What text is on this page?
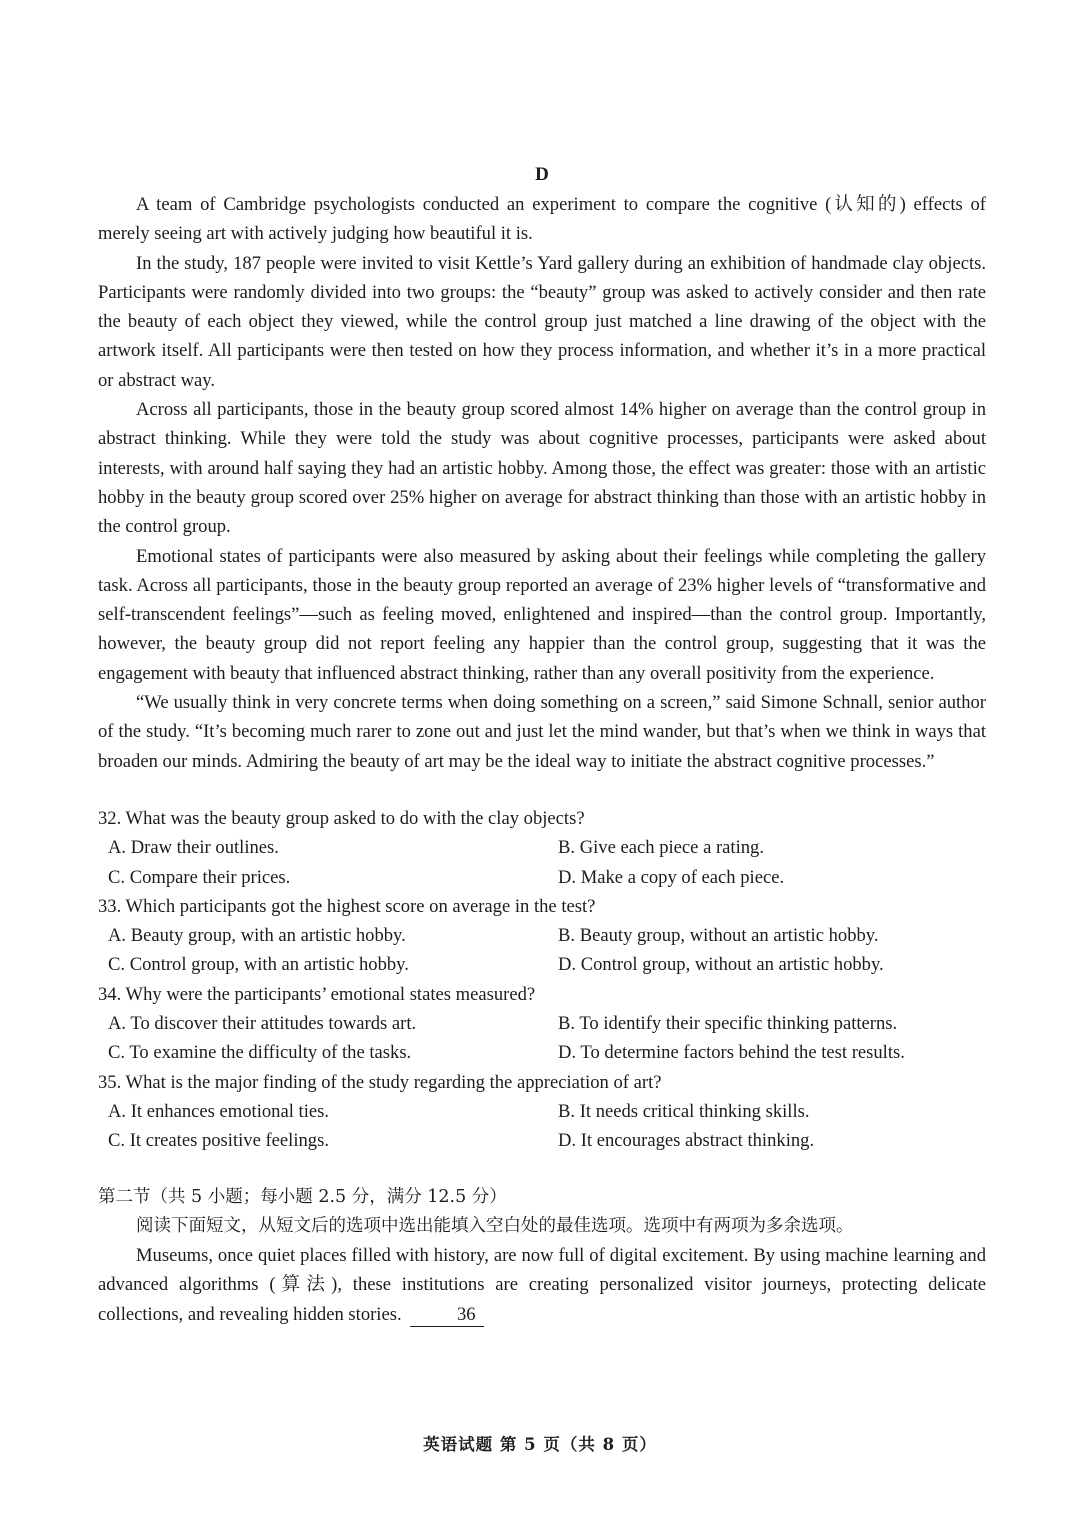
D

A team of Cambridge psychologists conducted an experiment to compare the cognitive (认知的) effects of merely seeing art with actively judging how beautiful it is.

In the study, 187 people were invited to visit Kettle’s Yard gallery during an exhibition of handmade clay objects. Participants were randomly divided into two groups: the “beauty” group was asked to actively consider and then rate the beauty of each object they viewed, while the control group just matched a line drawing of the object with the artwork itself. All participants were then tested on how they process information, and whether it’s in a more practical or abstract way.

Across all participants, those in the beauty group scored almost 14% higher on average than the control group in abstract thinking. While they were told the study was about cognitive processes, participants were asked about interests, with around half saying they had an artistic hobby. Among those, the effect was greater: those with an artistic hobby in the beauty group scored over 25% higher on average for abstract thinking than those with an artistic hobby in the control group.

Emotional states of participants were also measured by asking about their feelings while completing the gallery task. Across all participants, those in the beauty group reported an average of 23% higher levels of “transformative and self-transcendent feelings”—such as feeling moved, enlightened and inspired—than the control group. Importantly, however, the beauty group did not report feeling any happier than the control group, suggesting that it was the engagement with beauty that influenced abstract thinking, rather than any overall positivity from the experience.

“We usually think in very concrete terms when doing something on a screen,” said Simone Schnall, senior author of the study. “It’s becoming much rarer to zone out and just let the mind wander, but that’s when we think in ways that broaden our minds. Admiring the beauty of art may be the ideal way to initiate the abstract cognitive processes.”

32. What was the beauty group asked to do with the clay objects?

A. Draw their outlines.	B. Give each piece a rating.
C. Compare their prices.	D. Make a copy of each piece.

33. Which participants got the highest score on average in the test?

A. Beauty group, with an artistic hobby.	B. Beauty group, without an artistic hobby.
C. Control group, with an artistic hobby.	D. Control group, without an artistic hobby.

34. Why were the participants’ emotional states measured?

A. To discover their attitudes towards art.	B. To identify their specific thinking patterns.
C. To examine the difficulty of the tasks.	D. To determine factors behind the test results.

35. What is the major finding of the study regarding the appreciation of art?

A. It enhances emotional ties.	B. It needs critical thinking skills.
C. It creates positive feelings.	D. It encourages abstract thinking.

第二节（共 5 小题；每小题 2.5 分，满分 12.5 分）

阅读下面短文，从短文后的选项中选出能填入空白处的最佳选项。选项中有两项为多余选项。

Museums, once quiet places filled with history, are now full of digital excitement. By using machine learning and advanced algorithms (算法), these institutions are creating personalized visitor journeys, protecting delicate collections, and revealing hidden stories.	36

英语试题 第 5 页（共 8 页）
